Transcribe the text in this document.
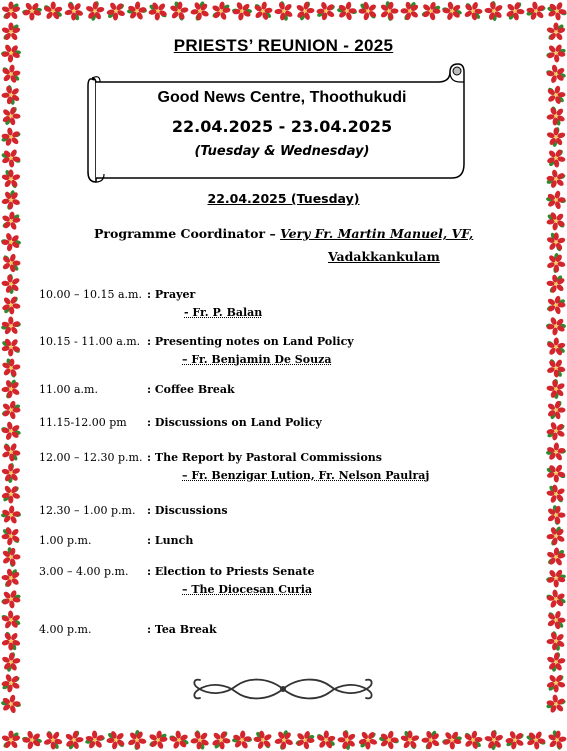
PRIESTS’ REUNION - 2025
Good News Centre, Thoothukudi
22.04.2025 - 23.04.2025
(Tuesday & Wednesday)
22.04.2025 (Tuesday)
Programme Coordinator – Very Fr. Martin Manuel, VF,
Vadakkankulam
10.00 – 10.15 a.m. : Prayer
- Fr. P. Balan
10.15 - 11.00 a.m. : Presenting notes on Land Policy
– Fr. Benjamin De Souza
11.00 a.m.	: Coffee Break
11.15-12.00 pm : Discussions on Land Policy
12.00 – 12.30 p.m. : The Report by Pastoral Commissions
– Fr. Benzigar Lution, Fr. Nelson Paulraj
12.30 – 1.00 p.m. : Discussions
1.00 p.m.	: Lunch
3.00 – 4.00 p.m. : Election to Priests Senate
– The Diocesan Curia
4.00 p.m.	: Tea Break
